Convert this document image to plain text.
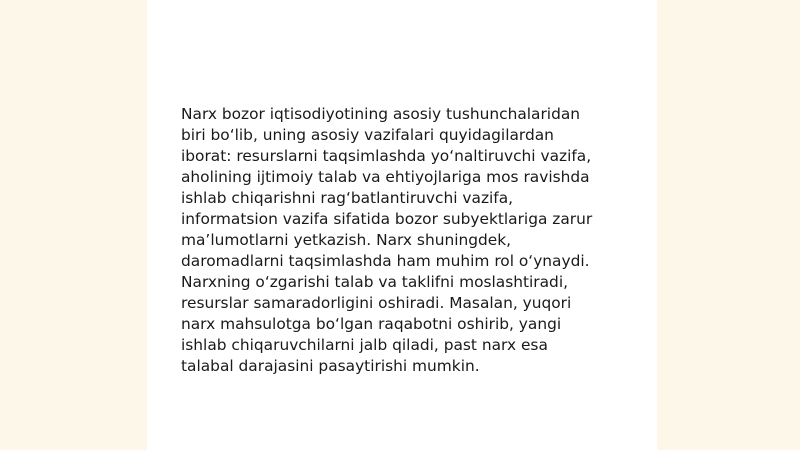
Narx bozor iqtisodiyotining asosiy tushunchalaridan
biri bo‘lib, uning asosiy vazifalari quyidagilardan
iborat: resurslarni taqsimlashda yo‘naltiruvchi vazifa,
aholining ijtimoiy talab va ehtiyojlariga mos ravishda
ishlab chiqarishni rag‘batlantiruvchi vazifa,
informatsion vazifa sifatida bozor subyektlariga zarur
ma’lumotlarni yetkazish. Narx shuningdek,
daromadlarni taqsimlashda ham muhim rol o‘ynaydi.
Narxning o‘zgarishi talab va taklifni moslashtiradi,
resurslar samaradorligini oshiradi. Masalan, yuqori
narx mahsulotga bo‘lgan raqabotni oshirib, yangi
ishlab chiqaruvchilarni jalb qiladi, past narx esa
talabal darajasini pasaytirishi mumkin.
